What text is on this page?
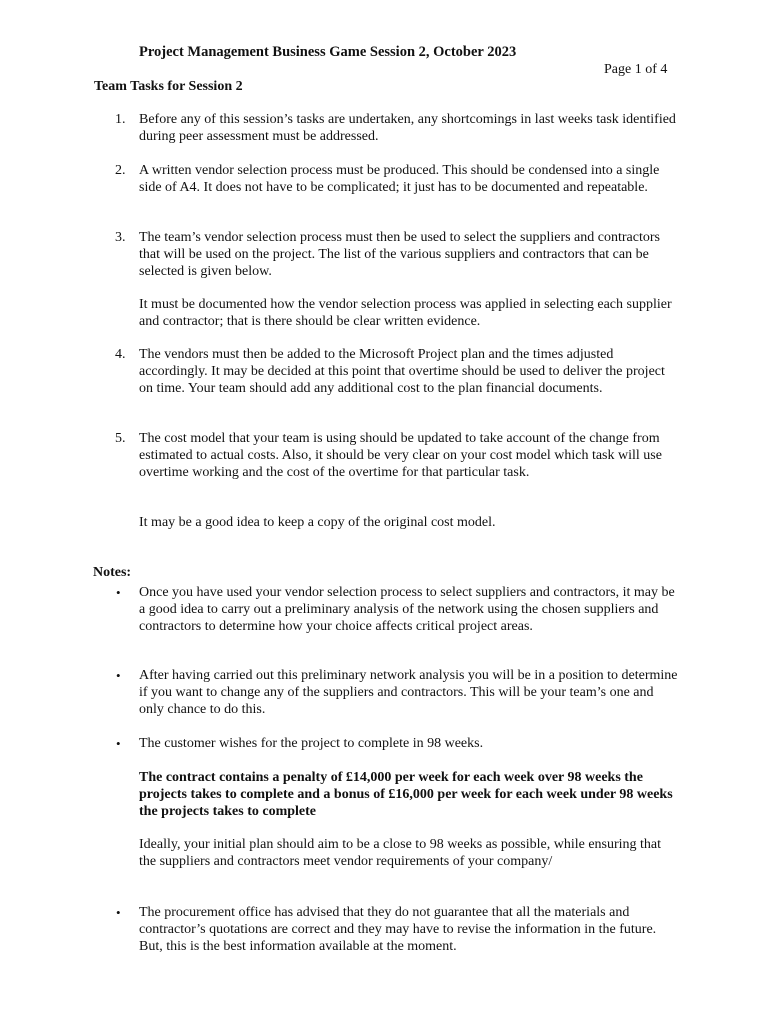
Project Management Business Game Session 2, October 2023
Page 1 of 4
Team Tasks for Session 2
1. Before any of this session’s tasks are undertaken, any shortcomings in last weeks task identified during peer assessment must be addressed.
2. A written vendor selection process must be produced. This should be condensed into a single side of A4. It does not have to be complicated; it just has to be documented and repeatable.
3. The team’s vendor selection process must then be used to select the suppliers and contractors that will be used on the project. The list of the various suppliers and contractors that can be selected is given below.
It must be documented how the vendor selection process was applied in selecting each supplier and contractor; that is there should be clear written evidence.
4. The vendors must then be added to the Microsoft Project plan and the times adjusted accordingly. It may be decided at this point that overtime should be used to deliver the project on time. Your team should add any additional cost to the plan financial documents.
5. The cost model that your team is using should be updated to take account of the change from estimated to actual costs. Also, it should be very clear on your cost model which task will use overtime working and the cost of the overtime for that particular task.
It may be a good idea to keep a copy of the original cost model.
Notes:
• Once you have used your vendor selection process to select suppliers and contractors, it may be a good idea to carry out a preliminary analysis of the network using the chosen suppliers and contractors to determine how your choice affects critical project areas.
• After having carried out this preliminary network analysis you will be in a position to determine if you want to change any of the suppliers and contractors. This will be your team’s one and only chance to do this.
• The customer wishes for the project to complete in 98 weeks.
The contract contains a penalty of £14,000 per week for each week over 98 weeks the projects takes to complete and a bonus of £16,000 per week for each week under 98 weeks the projects takes to complete
Ideally, your initial plan should aim to be a close to 98 weeks as possible, while ensuring that the suppliers and contractors meet vendor requirements of your company/
• The procurement office has advised that they do not guarantee that all the materials and contractor’s quotations are correct and they may have to revise the information in the future. But, this is the best information available at the moment.
